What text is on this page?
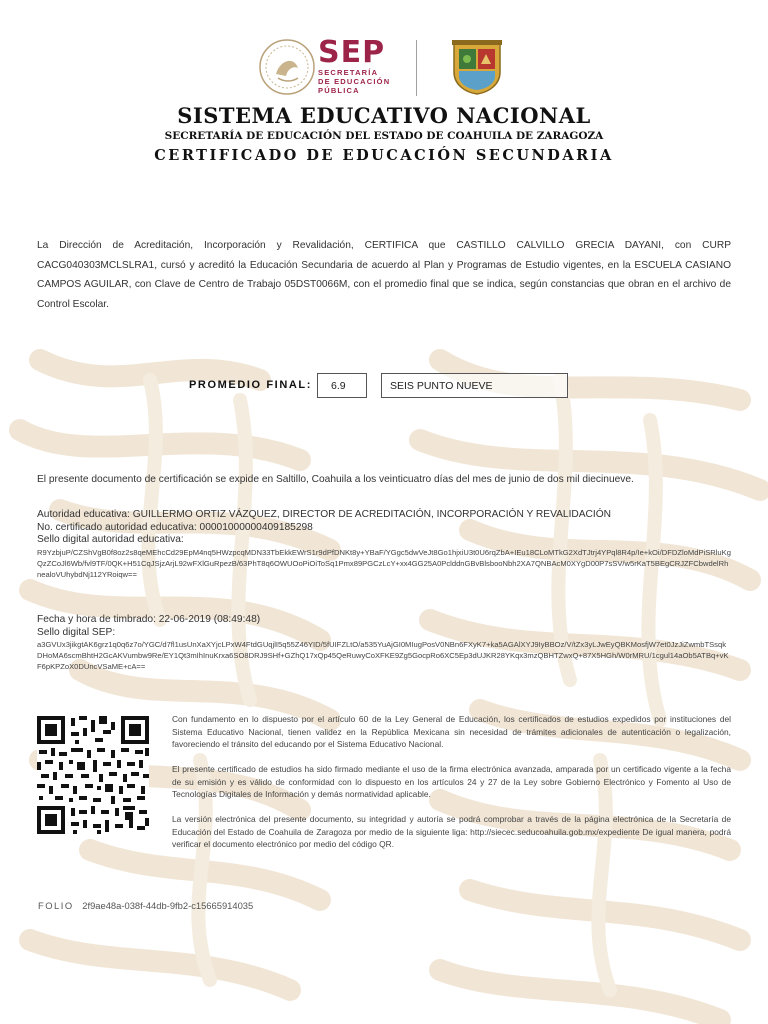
SEP
SECRETARÍA
DE EDUCACIÓN
PÚBLICA
SISTEMA EDUCATIVO NACIONAL
SECRETARÍA DE EDUCACIÓN DEL ESTADO DE COAHUILA DE ZARAGOZA
CERTIFICADO DE EDUCACIÓN SECUNDARIA
La Dirección de Acreditación, Incorporación y Revalidación, CERTIFICA que CASTILLO CALVILLO GRECIA DAYANI, con CURP CACG040303MCLSLRA1, cursó y acreditó la Educación Secundaria de acuerdo al Plan y Programas de Estudio vigentes, en la ESCUELA CASIANO CAMPOS AGUILAR, con Clave de Centro de Trabajo 05DST0066M, con el promedio final que se indica, según constancias que obran en el archivo de Control Escolar.
PROMEDIO FINAL:	6.9	SEIS PUNTO NUEVE
El presente documento de certificación se expide en Saltillo, Coahuila a los veinticuatro días del mes de junio de dos mil diecinueve.
Autoridad educativa: GUILLERMO ORTIZ VÁZQUEZ, DIRECTOR DE ACREDITACIÓN, INCORPORACIÓN Y REVALIDACIÓN
No. certificado autoridad educativa: 00001000000409185298
Sello digital autoridad educativa:
R9YzbjuP/CZShVgB0f8oz2s8qeMEhcCd29EpM4nq5HWzpcqMDN33TbEkkEWrS1r9dPfDNKt8y+YBaF/YGgc5dwVeJt8Go1hjxiU3t0U6rqZbA+IEu18CLoMTkG2XdTJtrj4YPql8R4p/Ie+kOi/DFDZloMdPiSRluKgQzZCoJl6Wb/fvl9TF/0QK+H51CqJSjzArjL92wFXlGuRpezB/63PhT8q6OWUOoPiOiToSq1Pmx89PGCzLcY+xx4GG25A0PclddnGBvBlsbooNbh2XA7QNBAcM0XYgD00P7sSV/w5rKaT5BEgCRJZFCbwdelRhnealoVUhybdNj112YRoiqw==
Fecha y hora de timbrado: 22-06-2019 (08:49:48)
Sello digital SEP:
a3GVUx3jikgtAK6grz1q0q6z7o/YGC/d7fl1usUnXaXYjcLPxW4FtdGUqjlI5q55Z46YID/5fUIFZLtO/a535YuAjGI0MIugPosV0NBn6FXyK7+ka5AGAlXYJ9IyBBOz/V/tZx3yLJwEyQBKMosfjW7et0JzJiZwmbTSsqkDHoMA6scmBhtH2GcAKVumbw9Re/EY1Qt3mIhInuKrxa6SO8DRJ9SHf+GZhQ17xQp45QeRuwyCoXFKE9Zg5GocpRo6XC5Ep3dUJKR28YKqx3mzQBHTZwxQ+87X5HGh/W0rMRU/1cgul14aOb5ATBq+vKF6pKPZoX0DUncVSaME+cA==
Con fundamento en lo dispuesto por el artículo 60 de la Ley General de Educación, los certificados de estudios expedidos por instituciones del Sistema Educativo Nacional, tienen validez en la República Mexicana sin necesidad de trámites adicionales de autenticación o legalización, favoreciendo el tránsito del educando por el Sistema Educativo Nacional.
El presente certificado de estudios ha sido firmado mediante el uso de la firma electrónica avanzada, amparada por un certificado vigente a la fecha de su emisión y es válido de conformidad con lo dispuesto en los artículos 24 y 27 de la Ley sobre Gobierno Electrónico y Fomento al Uso de Tecnologías Digitales de Información y demás normatividad aplicable.
La versión electrónica del presente documento, su integridad y autoría se podrá comprobar a través de la página electrónica de la Secretaría de Educación del Estado de Coahuila de Zaragoza por medio de la siguiente liga: http://siecec.seducoahuila.gob.mx/expediente De igual manera, podrá verificar el documento electrónico por medio del código QR.
FOLIO 2f9ae48a-038f-44db-9fb2-c15665914035
